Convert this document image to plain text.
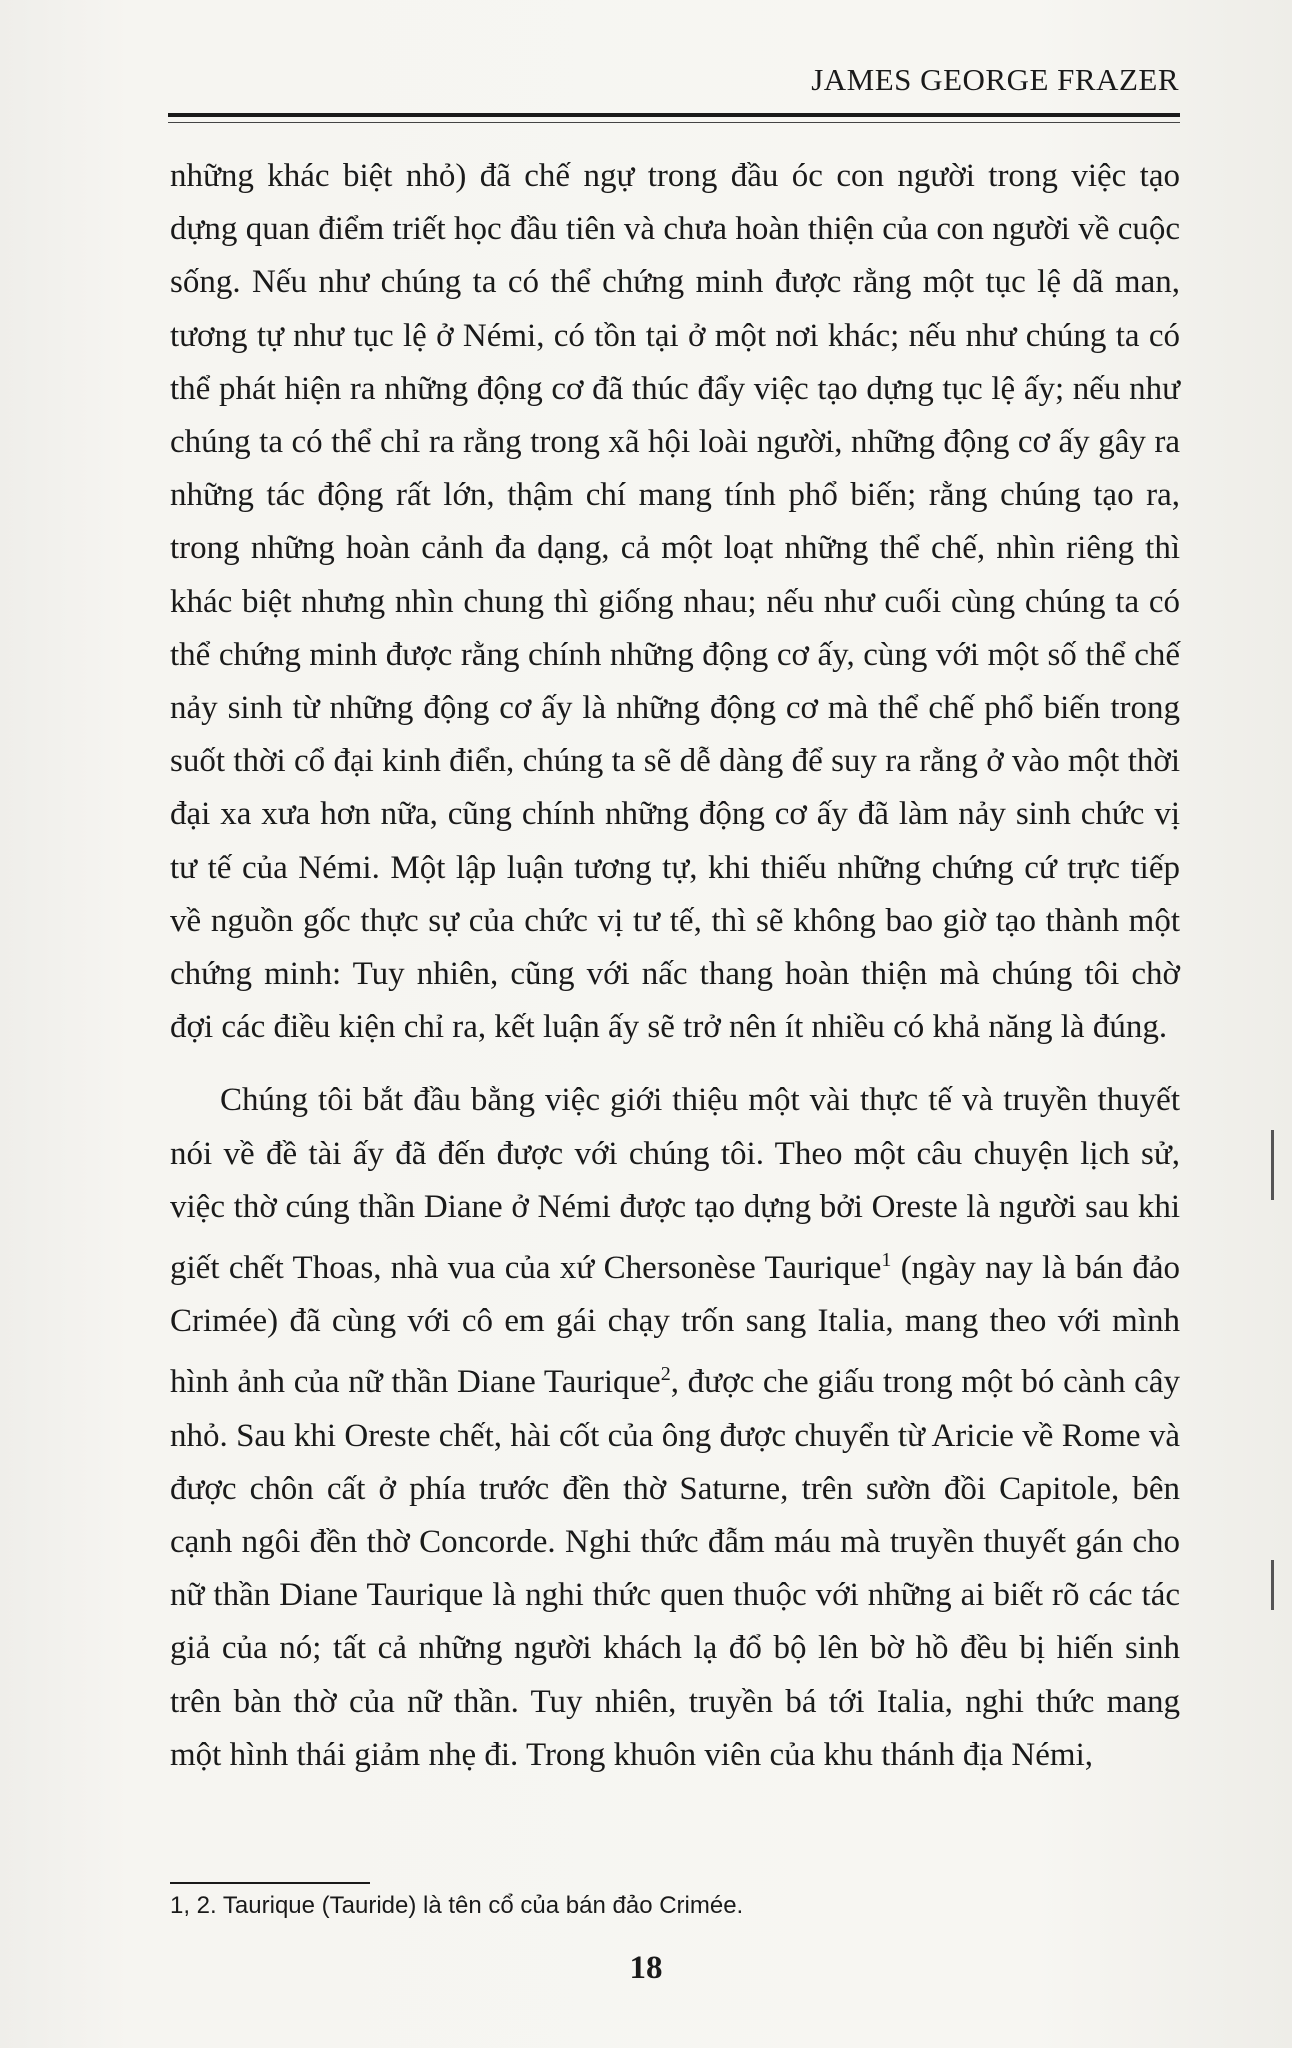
JAMES GEORGE FRAZER

những khác biệt nhỏ) đã chế ngự trong đầu óc con người trong việc tạo dựng quan điểm triết học đầu tiên và chưa hoàn thiện của con người về cuộc sống. Nếu như chúng ta có thể chứng minh được rằng một tục lệ dã man, tương tự như tục lệ ở Némi, có tồn tại ở một nơi khác; nếu như chúng ta có thể phát hiện ra những động cơ đã thúc đẩy việc tạo dựng tục lệ ấy; nếu như chúng ta có thể chỉ ra rằng trong xã hội loài người, những động cơ ấy gây ra những tác động rất lớn, thậm chí mang tính phổ biến; rằng chúng tạo ra, trong những hoàn cảnh đa dạng, cả một loạt những thể chế, nhìn riêng thì khác biệt nhưng nhìn chung thì giống nhau; nếu như cuối cùng chúng ta có thể chứng minh được rằng chính những động cơ ấy, cùng với một số thể chế nảy sinh từ những động cơ ấy là những động cơ mà thể chế phổ biến trong suốt thời cổ đại kinh điển, chúng ta sẽ dễ dàng để suy ra rằng ở vào một thời đại xa xưa hơn nữa, cũng chính những động cơ ấy đã làm nảy sinh chức vị tư tế của Némi. Một lập luận tương tự, khi thiếu những chứng cứ trực tiếp về nguồn gốc thực sự của chức vị tư tế, thì sẽ không bao giờ tạo thành một chứng minh: Tuy nhiên, cũng với nấc thang hoàn thiện mà chúng tôi chờ đợi các điều kiện chỉ ra, kết luận ấy sẽ trở nên ít nhiều có khả năng là đúng.

Chúng tôi bắt đầu bằng việc giới thiệu một vài thực tế và truyền thuyết nói về đề tài ấy đã đến được với chúng tôi. Theo một câu chuyện lịch sử, việc thờ cúng thần Diane ở Némi được tạo dựng bởi Oreste là người sau khi giết chết Thoas, nhà vua của xứ Chersonèse Taurique$^1$ (ngày nay là bán đảo Crimée) đã cùng với cô em gái chạy trốn sang Italia, mang theo với mình hình ảnh của nữ thần Diane Taurique$^2$, được che giấu trong một bó cành cây nhỏ. Sau khi Oreste chết, hài cốt của ông được chuyển từ Aricie về Rome và được chôn cất ở phía trước đền thờ Saturne, trên sườn đồi Capitole, bên cạnh ngôi đền thờ Concorde. Nghi thức đẫm máu mà truyền thuyết gán cho nữ thần Diane Taurique là nghi thức quen thuộc với những ai biết rõ các tác giả của nó; tất cả những người khách lạ đổ bộ lên bờ hồ đều bị hiến sinh trên bàn thờ của nữ thần. Tuy nhiên, truyền bá tới Italia, nghi thức mang một hình thái giảm nhẹ đi. Trong khuôn viên của khu thánh địa Némi,

1, 2. Taurique (Tauride) là tên cổ của bán đảo Crimée.
18
